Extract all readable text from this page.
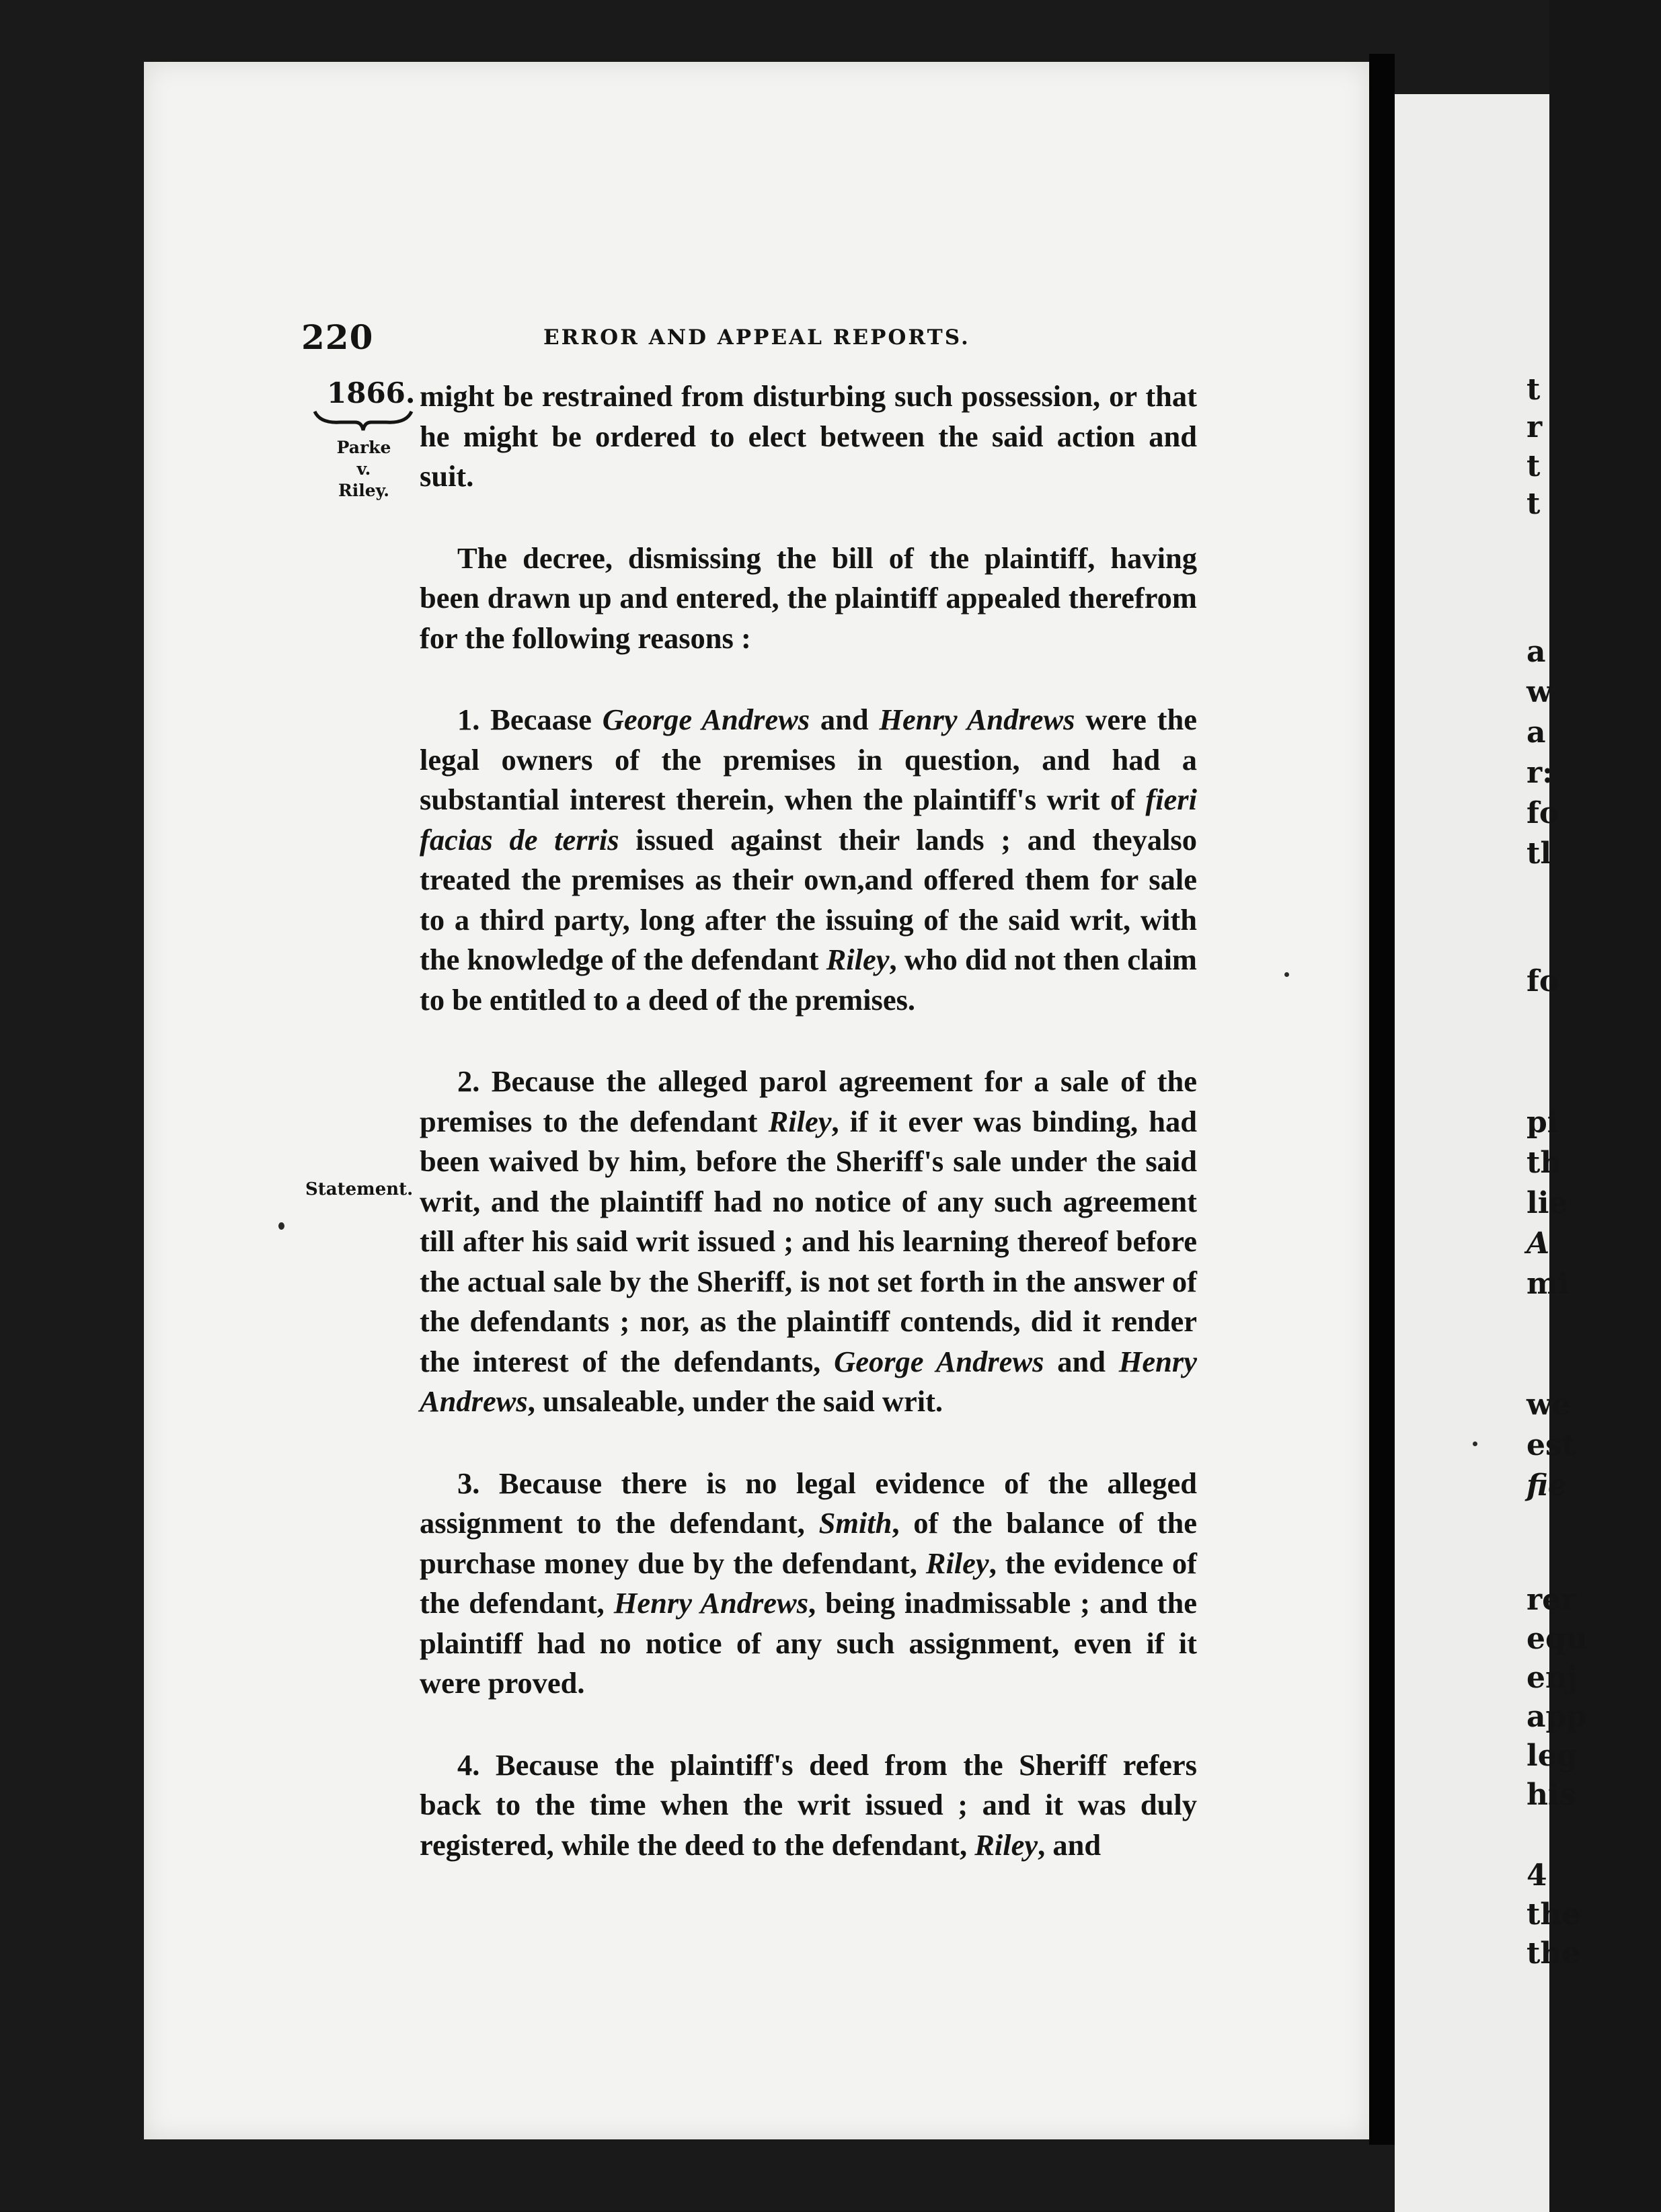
t
r
t
t
a
w
a
r:
fo
tl
fo
pi
th
lie
A
mi
we
est
fie
rer
equ
enj
app
leg
his
4
the
the
220	ERROR AND APPEAL REPORTS.
1866.
Parke
v.
Riley.
Statement.

might be restrained from disturbing such possession, or that he might be ordered to elect between the said action and suit.

The decree, dismissing the bill of the plaintiff, having been drawn up and entered, the plaintiff appealed therefrom for the following reasons :

1. Becaase George Andrews and Henry Andrews were the legal owners of the premises in question, and had a substantial interest therein, when the plaintiff's writ of fieri facias de terris issued against their lands ; and theyalso treated the premises as their own,and offered them for sale to a third party, long after the issuing of the said writ, with the knowledge of the defendant Riley, who did not then claim to be entitled to a deed of the premises.

2. Because the alleged parol agreement for a sale of the premises to the defendant Riley, if it ever was binding, had been waived by him, before the Sheriff's sale under the said writ, and the plaintiff had no notice of any such agreement till after his said writ issued ; and his learning thereof before the actual sale by the Sheriff, is not set forth in the answer of the defendants ; nor, as the plaintiff contends, did it render the interest of the defendants, George Andrews and Henry Andrews, unsaleable, under the said writ.

3. Because there is no legal evidence of the alleged assignment to the defendant, Smith, of the balance of the purchase money due by the defendant, Riley, the evidence of the defendant, Henry Andrews, being inadmissable ; and the plaintiff had no notice of any such assignment, even if it were proved.

4. Because the plaintiff's deed from the Sheriff refers back to the time when the writ issued ; and it was duly registered, while the deed to the defendant, Riley, and
